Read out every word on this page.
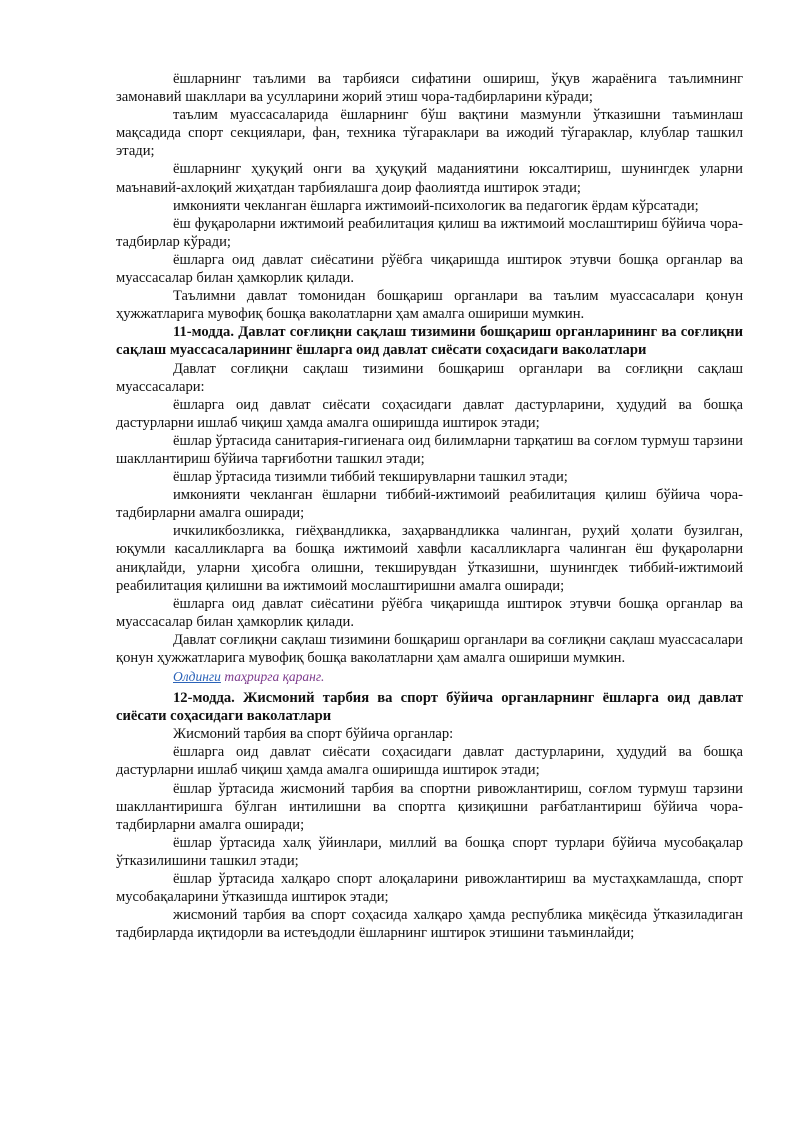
ёшларнинг таълими ва тарбияси сифатини ошириш, ўқув жараёнига таълимнинг замонавий шакллари ва усулларини жорий этиш чора-тадбирларини кўради;

таълим муассасаларида ёшларнинг бўш вақтини мазмунли ўтказишни таъминлаш мақсадида спорт секциялари, фан, техника тўгараклари ва ижодий тўгараклар, клублар ташкил этади;

ёшларнинг ҳуқуқий онги ва ҳуқуқий маданиятини юксалтириш, шунингдек уларни маънавий-ахлоқий жиҳатдан тарбиялашга доир фаолиятда иштирок этади;

имконияти чекланган ёшларга ижтимоий-психологик ва педагогик ёрдам кўрсатади;

ёш фуқароларни ижтимоий реабилитация қилиш ва ижтимоий мослаштириш бўйича чора-тадбирлар кўради;

ёшларга оид давлат сиёсатини рўёбга чиқаришда иштирок этувчи бошқа органлар ва муассасалар билан ҳамкорлик қилади.

Таълимни давлат томонидан бошқариш органлари ва таълим муассасалари қонун ҳужжатларига мувофиқ бошқа ваколатларни ҳам амалга ошириши мумкин.

11-модда. Давлат соғлиқни сақлаш тизимини бошқариш органларининг ва соғлиқни сақлаш муассасаларининг ёшларга оид давлат сиёсати соҳасидаги ваколатлари

Давлат соғлиқни сақлаш тизимини бошқариш органлари ва соғлиқни сақлаш муассасалари:

ёшларга оид давлат сиёсати соҳасидаги давлат дастурларини, ҳудудий ва бошқа дастурларни ишлаб чиқиш ҳамда амалга оширишда иштирок этади;

ёшлар ўртасида санитария-гигиенага оид билимларни тарқатиш ва соғлом турмуш тарзини шакллантириш бўйича тарғиботни ташкил этади;

ёшлар ўртасида тизимли тиббий текширувларни ташкил этади;

имконияти чекланган ёшларни тиббий-ижтимоий реабилитация қилиш бўйича чора-тадбирларни амалга оширади;

ичкиликбозликка, гиёҳвандликка, заҳарвандликка чалинган, руҳий ҳолати бузилган, юқумли касалликларга ва бошқа ижтимоий хавфли касалликларга чалинган ёш фуқароларни аниқлайди, уларни ҳисобга олишни, текширувдан ўтказишни, шунингдек тиббий-ижтимоий реабилитация қилишни ва ижтимоий мослаштиришни амалга оширади;

ёшларга оид давлат сиёсатини рўёбга чиқаришда иштирок этувчи бошқа органлар ва муассасалар билан ҳамкорлик қилади.

Давлат соғлиқни сақлаш тизимини бошқариш органлари ва соғлиқни сақлаш муассасалари қонун ҳужжатларига мувофиқ бошқа ваколатларни ҳам амалга ошириши мумкин.

Олдинги таҳрирга қаранг.

12-модда. Жисмоний тарбия ва спорт бўйича органларнинг ёшларга оид давлат сиёсати соҳасидаги ваколатлари

Жисмоний тарбия ва спорт бўйича органлар:

ёшларга оид давлат сиёсати соҳасидаги давлат дастурларини, ҳудудий ва бошқа дастурларни ишлаб чиқиш ҳамда амалга оширишда иштирок этади;

ёшлар ўртасида жисмоний тарбия ва спортни ривожлантириш, соғлом турмуш тарзини шакллантиришга бўлган интилишни ва спортга қизиқишни рағбатлантириш бўйича чора-тадбирларни амалга оширади;

ёшлар ўртасида халқ ўйинлари, миллий ва бошқа спорт турлари бўйича мусобақалар ўтказилишини ташкил этади;

ёшлар ўртасида халқаро спорт алоқаларини ривожлантириш ва мустаҳкамлашда, спорт мусобақаларини ўтказишда иштирок этади;

жисмоний тарбия ва спорт соҳасида халқаро ҳамда республика миқёсида ўтказиладиган тадбирларда иқтидорли ва истеъдодли ёшларнинг иштирок этишини таъминлайди;
